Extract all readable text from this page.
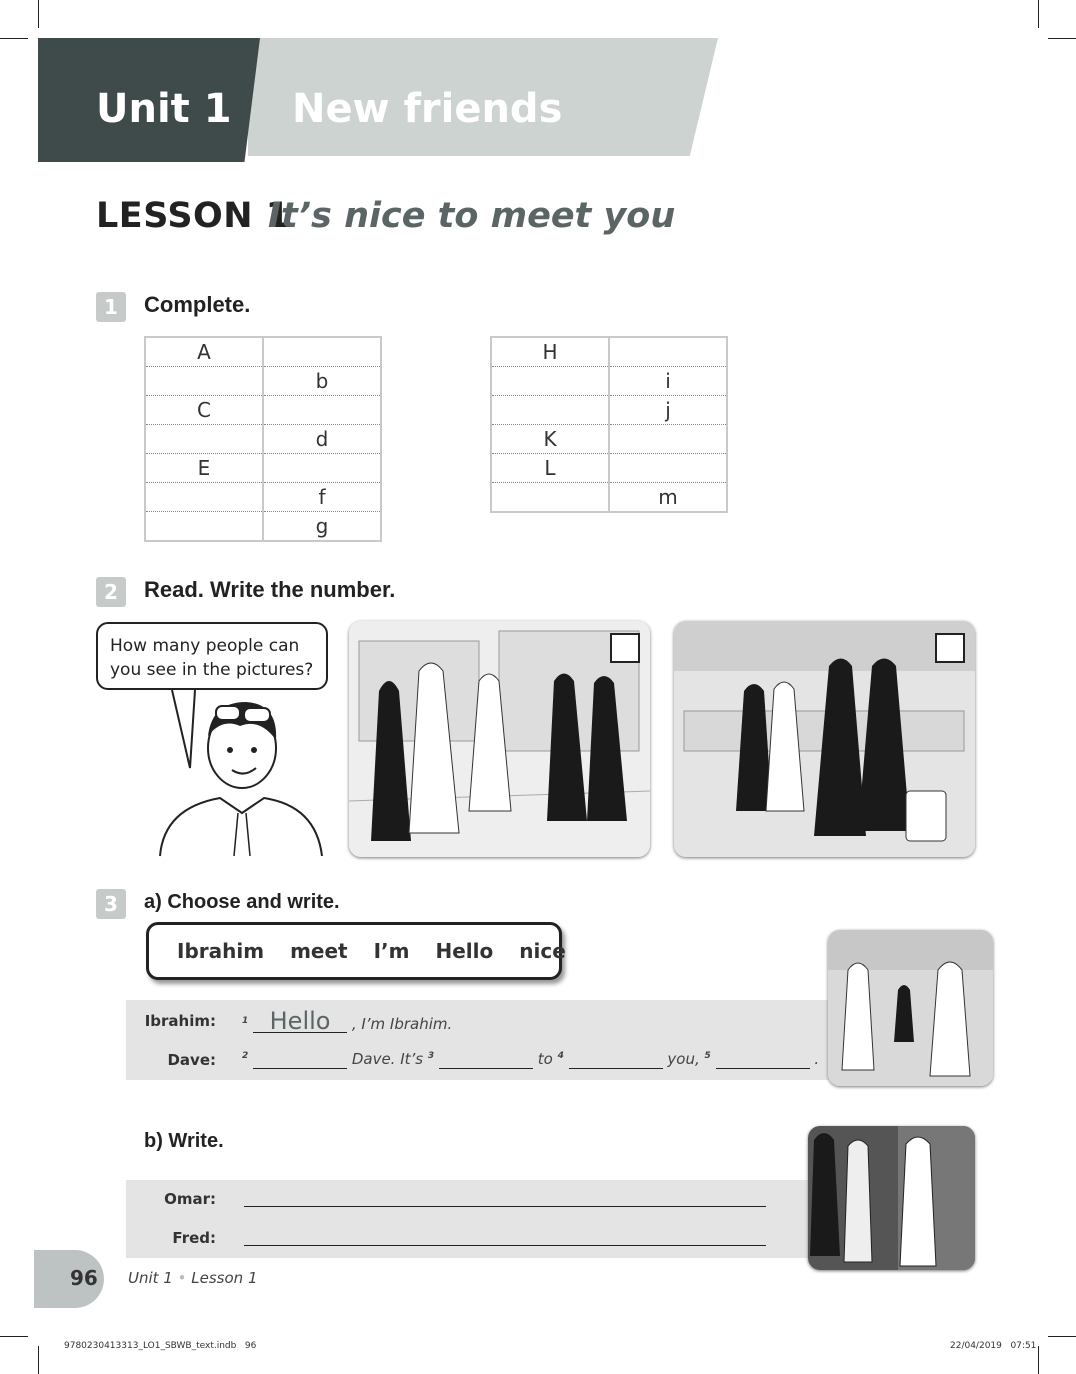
Unit 1 New friends
LESSON 1
It’s nice to meet you
1	Complete.
A	
	b
C	
	d
E	
	f
	g
H	
	i
	j
K	
L	
	m
2	Read. Write the number.
How many people can
you see in the pictures?
3	a) Choose and write.
Ibrahim meet I’m Hello nice
Ibrahim:
Dave:
$^1$ Hello , I’m Ibrahim.
$^2$	Dave. It’s $^3$	to $^4$	you, $^5$	.
b) Write.
Omar:
Fred:
96 Unit 1 • Lesson 1
9780230413313_LO1_SBWB_text.indb   96	22/04/2019   07:51
